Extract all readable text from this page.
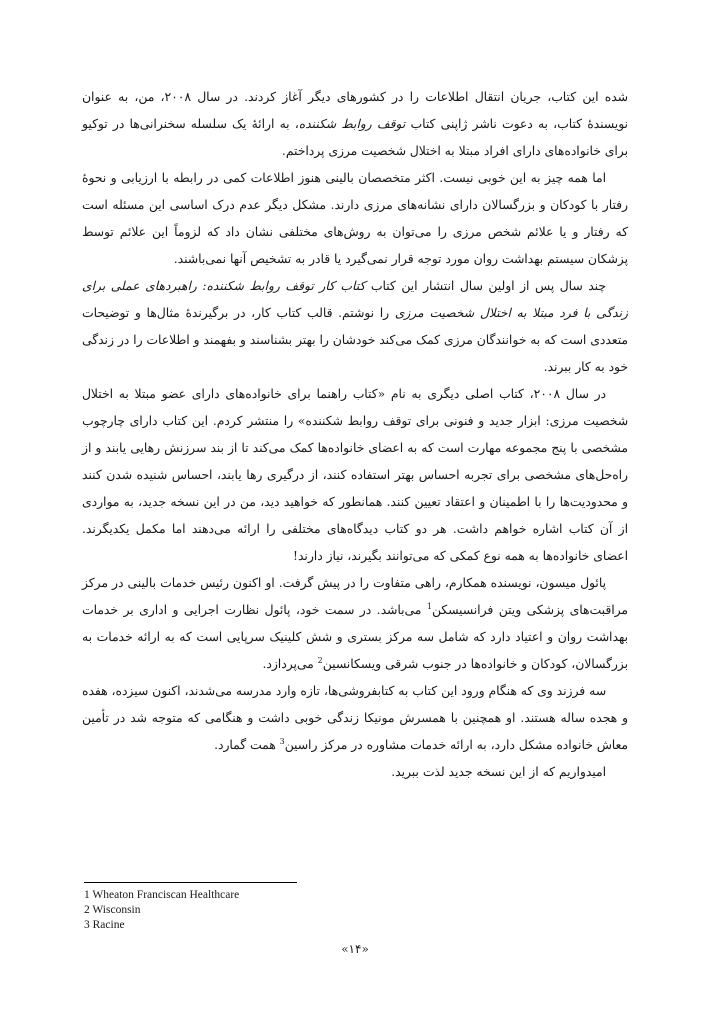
شده این کتاب، جریان انتقال اطلاعات را در کشورهای دیگر آغاز کردند. در سال ۲۰۰۸، من، به عنوان نویسندهٔ کتاب، به دعوت ناشر ژاپنی کتاب توقف روابط شکننده، به ارائهٔ یک سلسله سخنرانی‌ها در توکیو برای خانواده‌های دارای افراد مبتلا به اختلال شخصیت مرزی پرداختم.

اما همه چیز به این خوبی نیست. اکثر متخصصان بالینی هنوز اطلاعات کمی در رابطه با ارزیابی و نحوهٔ رفتار با کودکان و بزرگسالان دارای نشانه‌های مرزی دارند. مشکل دیگر عدم درک اساسی این مسئله است که رفتار و یا علائم شخص مرزی را می‌توان به روش‌های مختلفی نشان داد که لزوماً این علائم توسط پزشکان سیستم بهداشت روان مورد توجه قرار نمی‌گیرد یا قادر به تشخیص آنها نمی‌باشند.

چند سال پس از اولین سال انتشار این کتاب کتاب کار توقف روابط شکننده: راهبردهای عملی برای زندگی با فرد مبتلا به اختلال شخصیت مرزی را نوشتم. قالب کتاب کار، در برگیرندهٔ مثال‌ها و توضیحات متعددی است که به خوانندگان مرزی کمک می‌کند خودشان را بهتر بشناسند و بفهمند و اطلاعات را در زندگی خود به کار ببرند.

در سال ۲۰۰۸، کتاب اصلی دیگری به نام «کتاب راهنما برای خانواده‌های دارای عضو مبتلا به اختلال شخصیت مرزی: ابزار جدید و فنونی برای توقف روابط شکننده» را منتشر کردم. این کتاب دارای چارچوب مشخصی با پنج مجموعه مهارت است که به اعضای خانواده‌ها کمک می‌کند تا از بند سرزنش رهایی یابند و از راه‌حل‌های مشخصی برای تجربه احساس بهتر استفاده کنند، از درگیری رها یابند، احساس شنیده شدن کنند و محدودیت‌ها را با اطمینان و اعتقاد تعیین کنند. همانطور که خواهید دید، من در این نسخه جدید، به مواردی از آن کتاب اشاره خواهم داشت. هر دو کتاب دیدگاه‌های مختلفی را ارائه می‌دهند اما مکمل یکدیگرند. اعضای خانواده‌ها به همه نوع کمکی که می‌توانند بگیرند، نیاز دارند!

پائول میسون، نویسنده همکارم، راهی متفاوت را در پیش گرفت. او اکنون رئیس خدمات بالینی در مرکز مراقبت‌های پزشکی ویتن فرانسیسکن$^1$ می‌باشد. در سمت خود، پائول نظارت اجرایی و اداری بر خدمات بهداشت روان و اعتیاد دارد که شامل سه مرکز بستری و شش کلینیک سرپایی است که به ارائه خدمات به بزرگسالان، کودکان و خانواده‌ها در جنوب شرقی ویسکانسین$^2$ می‌پردازد.

سه فرزند وی که هنگام ورود این کتاب به کتابفروشی‌ها، تازه وارد مدرسه می‌شدند، اکنون سیزده، هفده و هجده ساله هستند. او همچنین با همسرش مونیکا زندگی خوبی داشت و هنگامی که متوجه شد در تأمین معاش خانواده مشکل دارد، به ارائه خدمات مشاوره در مرکز راسین$^3$ همت گمارد.

امیدواریم که از این نسخه جدید لذت ببرید.

1 Wheaton Franciscan Healthcare
2 Wisconsin
3 Racine
«۱۴»
